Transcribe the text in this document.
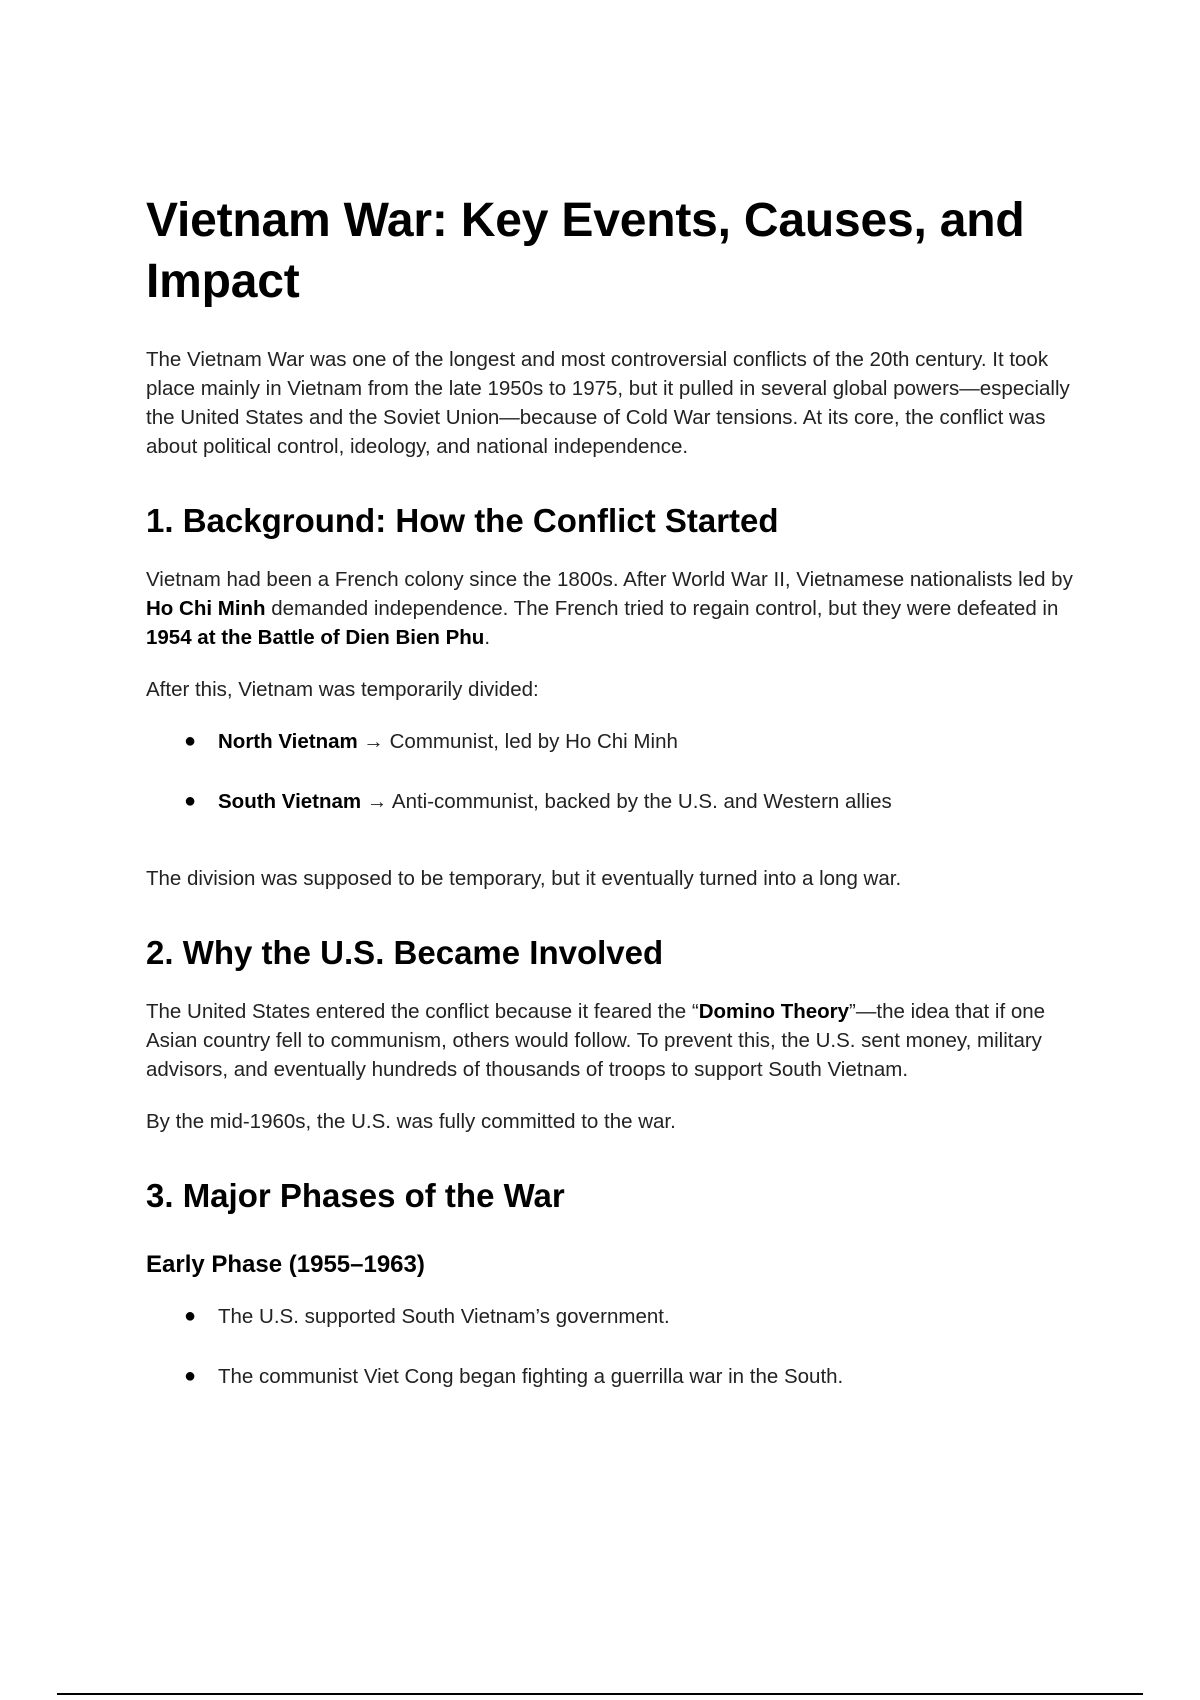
Vietnam War: Key Events, Causes, and Impact

The Vietnam War was one of the longest and most controversial conflicts of the 20th century. It took place mainly in Vietnam from the late 1950s to 1975, but it pulled in several global powers—especially the United States and the Soviet Union—because of Cold War tensions. At its core, the conflict was about political control, ideology, and national independence.

1. Background: How the Conflict Started

Vietnam had been a French colony since the 1800s. After World War II, Vietnamese nationalists led by Ho Chi Minh demanded independence. The French tried to regain control, but they were defeated in 1954 at the Battle of Dien Bien Phu.

After this, Vietnam was temporarily divided:

● North Vietnam → Communist, led by Ho Chi Minh
● South Vietnam → Anti-communist, backed by the U.S. and Western allies

The division was supposed to be temporary, but it eventually turned into a long war.

2. Why the U.S. Became Involved

The United States entered the conflict because it feared the “Domino Theory”—the idea that if one Asian country fell to communism, others would follow. To prevent this, the U.S. sent money, military advisors, and eventually hundreds of thousands of troops to support South Vietnam.

By the mid-1960s, the U.S. was fully committed to the war.

3. Major Phases of the War
Early Phase (1955–1963)
● The U.S. supported South Vietnam’s government.
● The communist Viet Cong began fighting a guerrilla war in the South.
